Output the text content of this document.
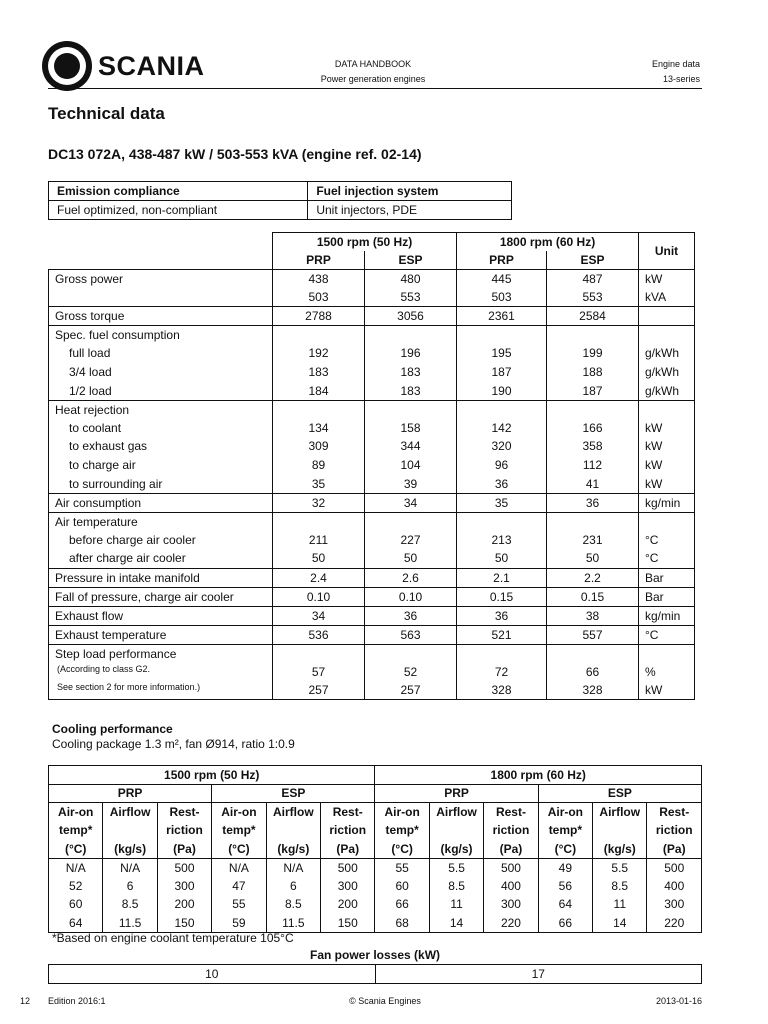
SCANIA	DATA HANDBOOK
Power generation engines
Engine data
13-series
Technical data
DC13 072A, 438-487 kW / 503-553 kVA (engine ref. 02-14)
Emission compliance	Fuel injection system
Fuel optimized, non-compliant	Unit injectors, PDE
	1500 rpm (50 Hz)		1800 rpm (60 Hz)		Unit
	PRP	ESP	PRP	ESP	
Gross power	438	480	445	487	kW
	503	553	503	553	kVA
Gross torque	2788	3056	2361	2584	
Spec. fuel consumption					
full load	192	196	195	199	g/kWh
3/4 load	183	183	187	188	g/kWh
1/2 load	184	183	190	187	g/kWh
Heat rejection					
to coolant	134	158	142	166	kW
to exhaust gas	309	344	320	358	kW
to charge air	89	104	96	112	kW
to surrounding air	35	39	36	41	kW
Air consumption	32	34	35	36	kg/min
Air temperature					
before charge air cooler	211	227	213	231	°C
after charge air cooler	50	50	50	50	°C
Pressure in intake manifold	2.4	2.6	2.1	2.2	Bar
Fall of pressure, charge air cooler	0.10	0.10	0.15	0.15	Bar
Exhaust flow	34	36	36	38	kg/min
Exhaust temperature	536	563	521	557	°C
Step load performance					
(According to class G2.	57	52	72	66	%
See section 2 for more information.)	257	257	328	328	kW
Cooling performance
Cooling package 1.3 m², fan Ø914, ratio 1:0.9
1500 rpm (50 Hz)						1800 rpm (60 Hz)					
PRP			ESP			PRP			ESP		
Air-on	Airflow	Rest-	Air-on	Airflow	Rest-	Air-on	Airflow	Rest-	Air-on	Airflow	Rest-
temp*		riction	temp*		riction	temp*		riction	temp*		riction
(°C)	(kg/s)	(Pa)	(°C)	(kg/s)	(Pa)	(°C)	(kg/s)	(Pa)	(°C)	(kg/s)	(Pa)
N/A	N/A	500	N/A	N/A	500	55	5.5	500	49	5.5	500
52	6	300	47	6	300	60	8.5	400	56	8.5	400
60	8.5	200	55	8.5	200	66	11	300	64	11	300
64	11.5	150	59	11.5	150	68	14	220	66	14	220
*Based on engine coolant temperature 105°C
Fan power losses (kW)
10	17
12 Edition 2016:1	© Scania Engines	2013-01-16
